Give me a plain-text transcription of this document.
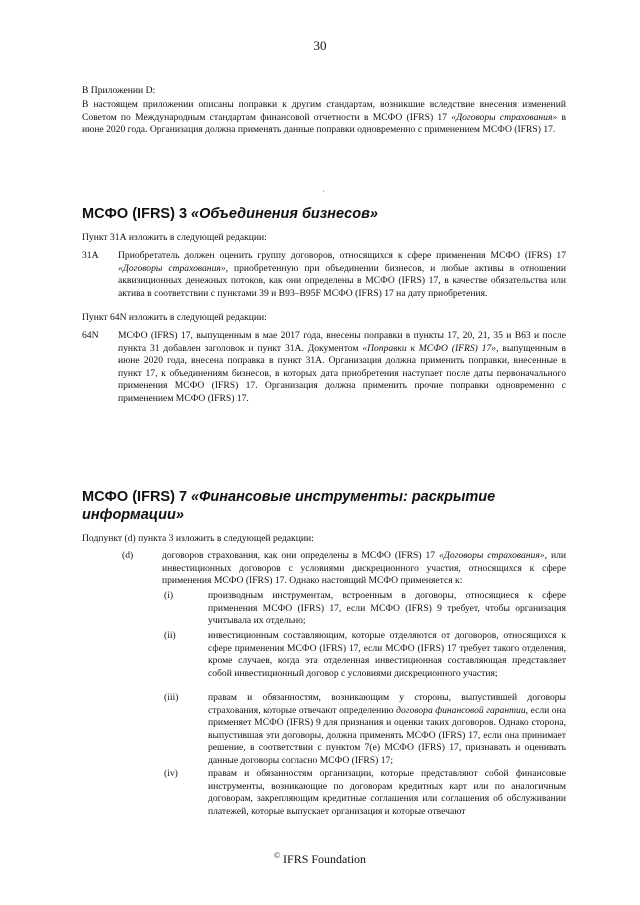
30
В Приложении D:
В настоящем приложении описаны поправки к другим стандартам, возникшие вследствие внесения изменений Советом по Международным стандартам финансовой отчетности в МСФО (IFRS) 17 «Договоры страхования» в июне 2020 года. Организация должна применять данные поправки одновременно с применением МСФО (IFRS) 17.
˙
МСФО (IFRS) 3 «Объединения бизнесов»
Пункт 31А изложить в следующей редакции:
31А	Приобретатель должен оценить группу договоров, относящихся к сфере применения МСФО (IFRS) 17 «Договоры страхования», приобретенную при объединении бизнесов, и любые активы в отношении аквизиционных денежных потоков, как они определены в МСФО (IFRS) 17, в качестве обязательства или актива в соответствии с пунктами 39 и В93–В95F МСФО (IFRS) 17 на дату приобретения.
Пункт 64N изложить в следующей редакции:
64N	МСФО (IFRS) 17, выпущенным в мае 2017 года, внесены поправки в пункты 17, 20, 21, 35 и В63 и после пункта 31 добавлен заголовок и пункт 31А. Документом «Поправки к МСФО (IFRS) 17», выпущенным в июне 2020 года, внесена поправка в пункт 31А. Организация должна применить поправки, внесенные в пункт 17, к объединениям бизнесов, в которых дата приобретения наступает после даты первоначального применения МСФО (IFRS) 17. Организация должна применить прочие поправки одновременно с применением МСФО (IFRS) 17.
МСФО (IFRS) 7 «Финансовые инструменты: раскрытие информации»
Подпункт (d) пункта 3 изложить в следующей редакции:
(d)	договоров страхования, как они определены в МСФО (IFRS) 17 «Договоры страхования», или инвестиционных договоров с условиями дискреционного участия, относящихся к сфере применения МСФО (IFRS) 17. Однако настоящий МСФО применяется к:
(i)	производным инструментам, встроенным в договоры, относящиеся к сфере применения МСФО (IFRS) 17, если МСФО (IFRS) 9 требует, чтобы организация учитывала их отдельно;
(ii)	инвестиционным составляющим, которые отделяются от договоров, относящихся к сфере применения МСФО (IFRS) 17, если МСФО (IFRS) 17 требует такого отделения, кроме случаев, когда эта отделенная инвестиционная составляющая представляет собой инвестиционный договор с условиями дискреционного участия;
(iii)	правам и обязанностям, возникающим у стороны, выпустившей договоры страхования, которые отвечают определению договора финансовой гарантии, если она применяет МСФО (IFRS) 9 для признания и оценки таких договоров. Однако сторона, выпустившая эти договоры, должна применять МСФО (IFRS) 17, если она принимает решение, в соответствии с пунктом 7(е) МСФО (IFRS) 17, признавать и оценивать данные договоры согласно МСФО (IFRS) 17;
(iv)	правам и обязанностям организации, которые представляют собой финансовые инструменты, возникающие по договорам кредитных карт или по аналогичным договорам, закрепляющим кредитные соглашения или соглашения об обслуживании платежей, которые выпускает организация и которые отвечают
© IFRS Foundation
